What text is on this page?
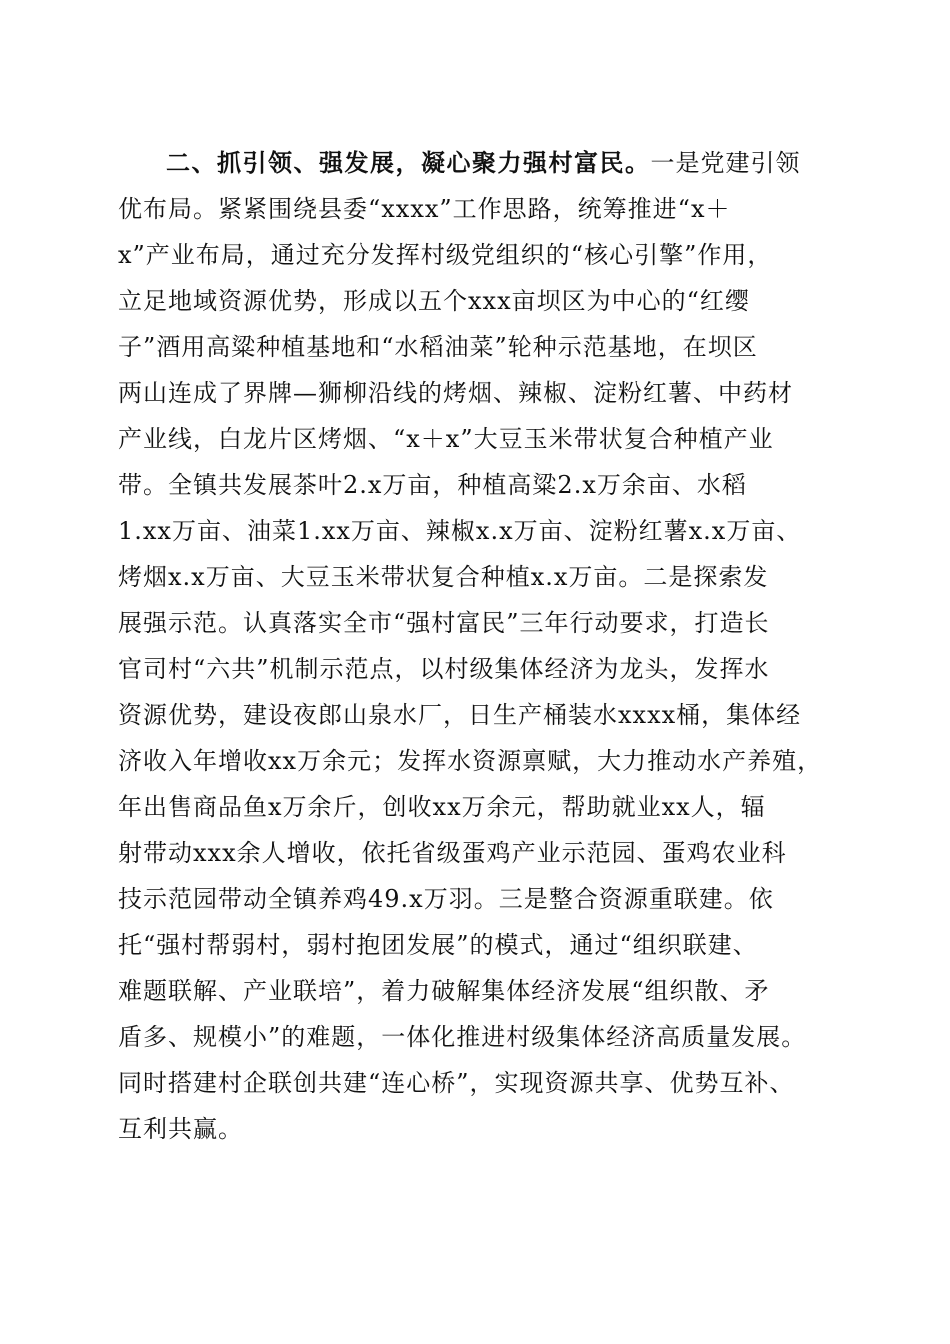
二、抓引领、强发展，凝心聚力强村富民。一是党建引领
优布局。紧紧围绕县委“xxxx”工作思路，统筹推进“x＋
x”产业布局，通过充分发挥村级党组织的“核心引擎”作用，
立足地域资源优势，形成以五个xxx亩坝区为中心的“红缨
子”酒用高粱种植基地和“水稻油菜”轮种示范基地，在坝区
两山连成了界牌—狮柳沿线的烤烟、辣椒、淀粉红薯、中药材
产业线，白龙片区烤烟、“x＋x”大豆玉米带状复合种植产业
带。全镇共发展茶叶2.x万亩，种植高粱2.x万余亩、水稻
1.xx万亩、油菜1.xx万亩、辣椒x.x万亩、淀粉红薯x.x万亩、
烤烟x.x万亩、大豆玉米带状复合种植x.x万亩。二是探索发
展强示范。认真落实全市“强村富民”三年行动要求，打造长
官司村“六共”机制示范点，以村级集体经济为龙头，发挥水
资源优势，建设夜郎山泉水厂，日生产桶装水xxxx桶，集体经
济收入年增收xx万余元；发挥水资源禀赋，大力推动水产养殖，
年出售商品鱼x万余斤，创收xx万余元，帮助就业xx人，辐
射带动xxx余人增收，依托省级蛋鸡产业示范园、蛋鸡农业科
技示范园带动全镇养鸡49.x万羽。三是整合资源重联建。依
托“强村帮弱村，弱村抱团发展”的模式，通过“组织联建、
难题联解、产业联培”，着力破解集体经济发展“组织散、矛
盾多、规模小”的难题，一体化推进村级集体经济高质量发展。
同时搭建村企联创共建“连心桥”，实现资源共享、优势互补、
互利共赢。
